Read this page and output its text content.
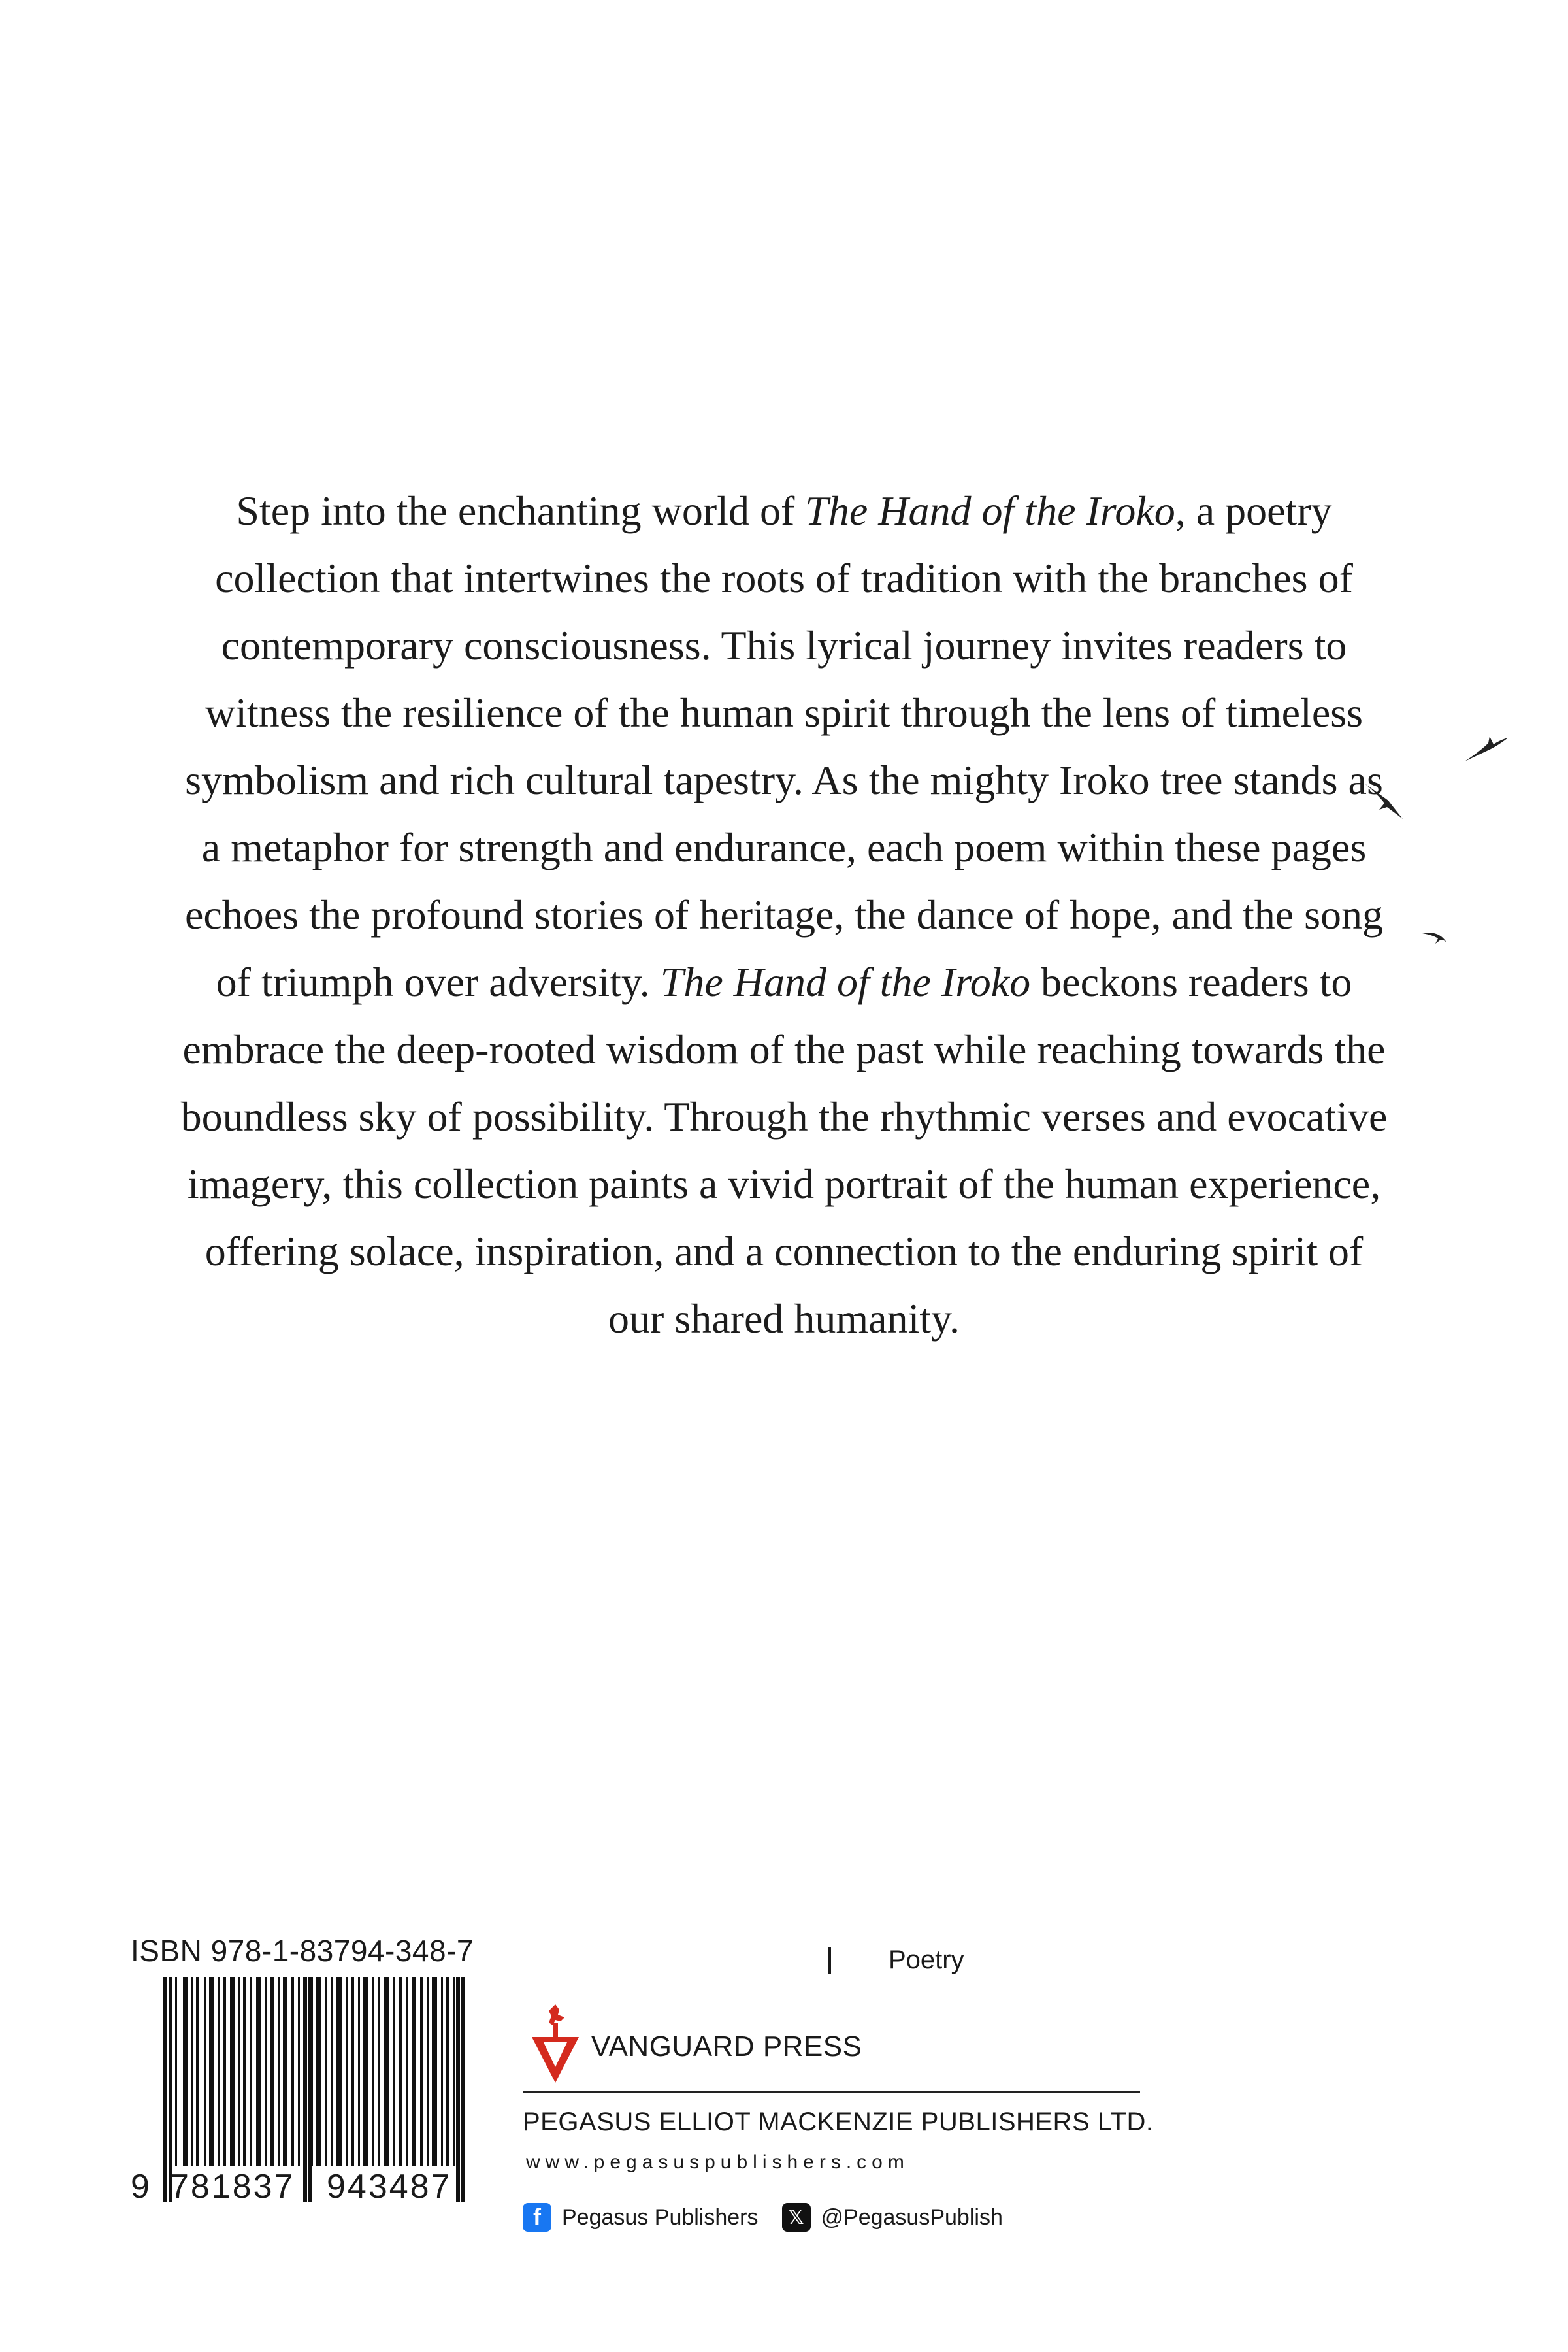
Step into the enchanting world of The Hand of the Iroko, a poetry collection that intertwines the roots of tradition with the branches of contemporary consciousness. This lyrical journey invites readers to witness the resilience of the human spirit through the lens of timeless symbolism and rich cultural tapestry. As the mighty Iroko tree stands as a metaphor for strength and endurance, each poem within these pages echoes the profound stories of heritage, the dance of hope, and the song of triumph over adversity. The Hand of the Iroko beckons readers to embrace the deep-rooted wisdom of the past while reaching towards the boundless sky of possibility. Through the rhythmic verses and evocative imagery, this collection paints a vivid portrait of the human experience, offering solace, inspiration, and a connection to the enduring spirit of our shared humanity.

ISBN 978-1-83794-348-7
9 781837 943487
Poetry
VANGUARD PRESS
PEGASUS ELLIOT MACKENZIE PUBLISHERS LTD.
www.pegasuspublishers.com
f Pegasus Publishers	𝕏 @PegasusPublish
